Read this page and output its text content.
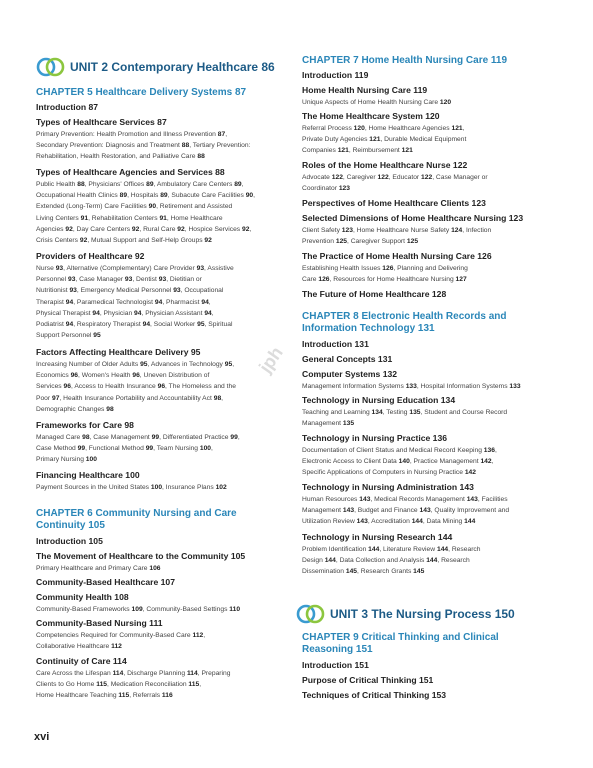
jph
UNIT 2 Contemporary Healthcare 86
CHAPTER 5 Healthcare Delivery Systems 87
Introduction 87
Types of Healthcare Services 87
Primary Prevention: Health Promotion and Illness Prevention 87,
Secondary Prevention: Diagnosis and Treatment 88, Tertiary Prevention:
Rehabilitation, Health Restoration, and Palliative Care 88
Types of Healthcare Agencies and Services 88
Public Health 88, Physicians' Offices 89, Ambulatory Care Centers 89,
Occupational Health Clinics 89, Hospitals 89, Subacute Care Facilities 90,
Extended (Long-Term) Care Facilities 90, Retirement and Assisted
Living Centers 91, Rehabilitation Centers 91, Home Healthcare
Agencies 92, Day Care Centers 92, Rural Care 92, Hospice Services 92,
Crisis Centers 92, Mutual Support and Self-Help Groups 92
Providers of Healthcare 92
Nurse 93, Alternative (Complementary) Care Provider 93, Assistive
Personnel 93, Case Manager 93, Dentist 93, Dietitian or
Nutritionist 93, Emergency Medical Personnel 93, Occupational
Therapist 94, Paramedical Technologist 94, Pharmacist 94,
Physical Therapist 94, Physician 94, Physician Assistant 94,
Podiatrist 94, Respiratory Therapist 94, Social Worker 95, Spiritual
Support Personnel 95
Factors Affecting Healthcare Delivery 95
Increasing Number of Older Adults 95, Advances in Technology 95,
Economics 96, Women's Health 96, Uneven Distribution of
Services 96, Access to Health Insurance 96, The Homeless and the
Poor 97, Health Insurance Portability and Accountability Act 98,
Demographic Changes 98
Frameworks for Care 98
Managed Care 98, Case Management 99, Differentiated Practice 99,
Case Method 99, Functional Method 99, Team Nursing 100,
Primary Nursing 100
Financing Healthcare 100
Payment Sources in the United States 100, Insurance Plans 102
CHAPTER 6 Community Nursing and Care
Continuity 105
Introduction 105
The Movement of Healthcare to the Community 105
Primary Healthcare and Primary Care 106
Community-Based Healthcare 107
Community Health 108
Community-Based Frameworks 109, Community-Based Settings 110
Community-Based Nursing 111
Competencies Required for Community-Based Care 112,
Collaborative Healthcare 112
Continuity of Care 114
Care Across the Lifespan 114, Discharge Planning 114, Preparing
Clients to Go Home 115, Medication Reconciliation 115,
Home Healthcare Teaching 115, Referrals 116
UNIT 3 The Nursing Process 150
CHAPTER 7 Home Health Nursing Care 119
Introduction 119
Home Health Nursing Care 119
Unique Aspects of Home Health Nursing Care 120
The Home Healthcare System 120
Referral Process 120, Home Healthcare Agencies 121,
Private Duty Agencies 121, Durable Medical Equipment
Companies 121, Reimbursement 121
Roles of the Home Healthcare Nurse 122
Advocate 122, Caregiver 122, Educator 122, Case Manager or
Coordinator 123
Perspectives of Home Healthcare Clients 123
Selected Dimensions of Home Healthcare Nursing 123
Client Safety 123, Home Healthcare Nurse Safety 124, Infection
Prevention 125, Caregiver Support 125
The Practice of Home Health Nursing Care 126
Establishing Health Issues 126, Planning and Delivering
Care 126, Resources for Home Healthcare Nursing 127
The Future of Home Healthcare 128
CHAPTER 8 Electronic Health Records and
Information Technology 131
Introduction 131
General Concepts 131
Computer Systems 132
Management Information Systems 133, Hospital Information Systems 133
Technology in Nursing Education 134
Teaching and Learning 134, Testing 135, Student and Course Record
Management 135
Technology in Nursing Practice 136
Documentation of Client Status and Medical Record Keeping 136,
Electronic Access to Client Data 140, Practice Management 142,
Specific Applications of Computers in Nursing Practice 142
Technology in Nursing Administration 143
Human Resources 143, Medical Records Management 143, Facilities
Management 143, Budget and Finance 143, Quality Improvement and
Utilization Review 143, Accreditation 144, Data Mining 144
Technology in Nursing Research 144
Problem Identification 144, Literature Review 144, Research
Design 144, Data Collection and Analysis 144, Research
Dissemination 145, Research Grants 145
CHAPTER 9 Critical Thinking and Clinical
Reasoning 151
Introduction 151
Purpose of Critical Thinking 151
Techniques of Critical Thinking 153
xvi
